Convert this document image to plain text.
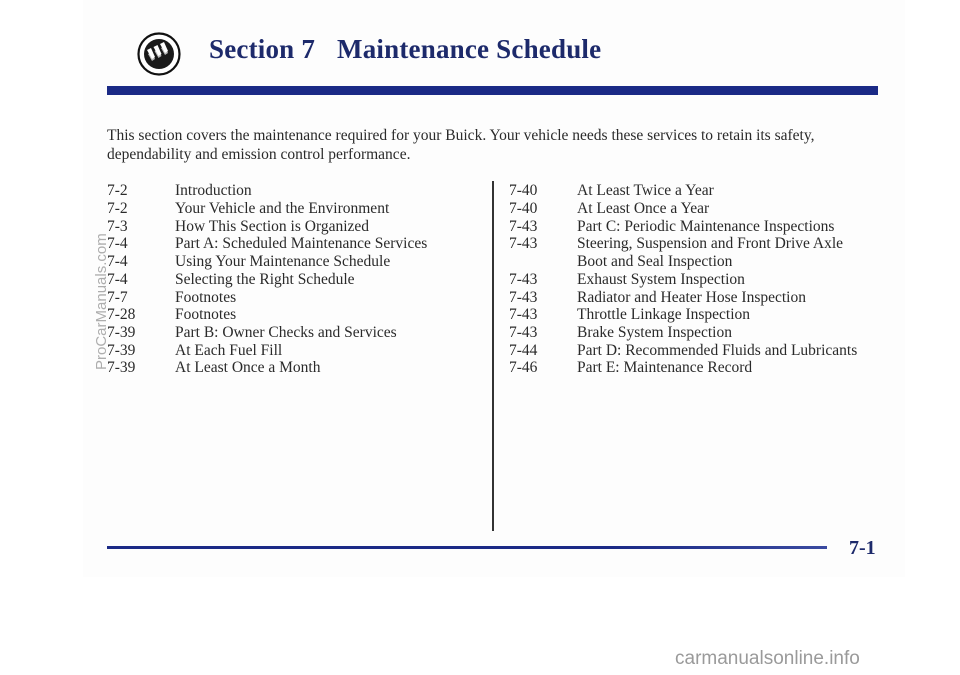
Section 7 Maintenance Schedule

This section covers the maintenance required for your Buick. Your vehicle needs these services to retain its safety, dependability and emission control performance.

7-2	Introduction
7-2	Your Vehicle and the Environment
7-3	How This Section is Organized
7-4	Part A: Scheduled Maintenance Services
7-4	Using Your Maintenance Schedule
7-4	Selecting the Right Schedule
7-7	Footnotes
7-28	Footnotes
7-39	Part B: Owner Checks and Services
7-39	At Each Fuel Fill
7-39	At Least Once a Month
7-40	At Least Twice a Year
7-40	At Least Once a Year
7-43	Part C: Periodic Maintenance Inspections
7-43	Steering, Suspension and Front Drive Axle
Boot and Seal Inspection
7-43	Exhaust System Inspection
7-43	Radiator and Heater Hose Inspection
7-43	Throttle Linkage Inspection
7-43	Brake System Inspection
7-44	Part D: Recommended Fluids and Lubricants
7-46	Part E: Maintenance Record

7-1

ProCarManuals.com
carmanualsonline.info
